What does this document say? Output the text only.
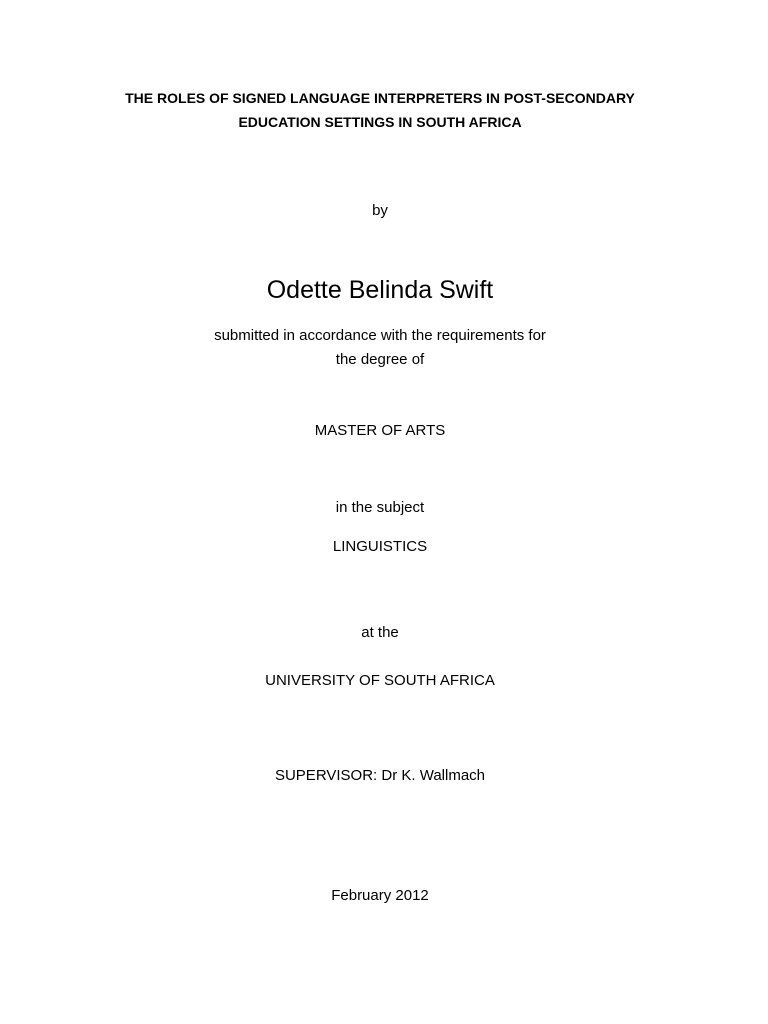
THE ROLES OF SIGNED LANGUAGE INTERPRETERS IN POST-SECONDARY
EDUCATION SETTINGS IN SOUTH AFRICA
by
Odette Belinda Swift
submitted in accordance with the requirements for
the degree of
MASTER OF ARTS
in the subject
LINGUISTICS
at the
UNIVERSITY OF SOUTH AFRICA
SUPERVISOR: Dr K. Wallmach
February 2012
